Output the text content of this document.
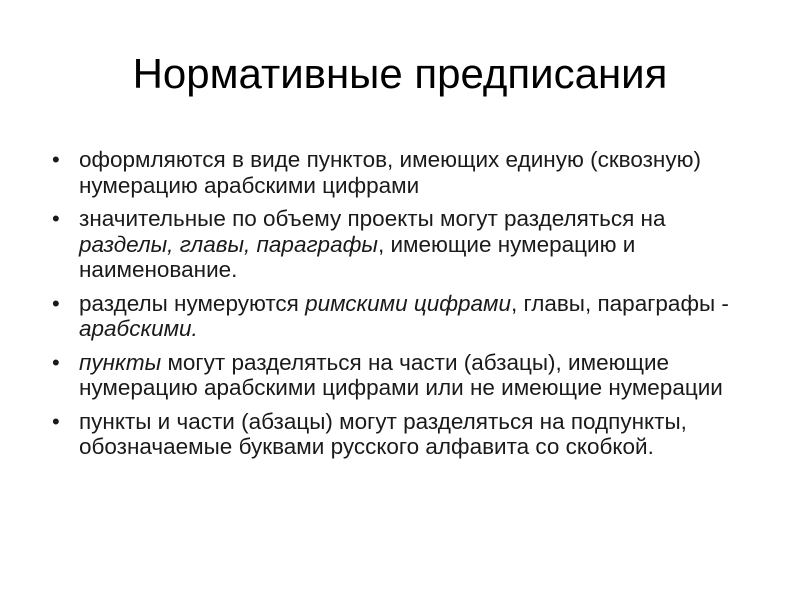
Нормативные предписания
• оформляются в виде пунктов, имеющих единую (сквозную) нумерацию арабскими цифрами
• значительные по объему проекты могут разделяться на разделы, главы, параграфы, имеющие нумерацию и наименование.
• разделы нумеруются римскими цифрами, главы, параграфы - арабскими.
• пункты могут разделяться на части (абзацы), имеющие нумерацию арабскими цифрами или не имеющие нумерации
• пункты и части (абзацы) могут разделяться на подпункты, обозначаемые буквами русского алфавита со скобкой.
